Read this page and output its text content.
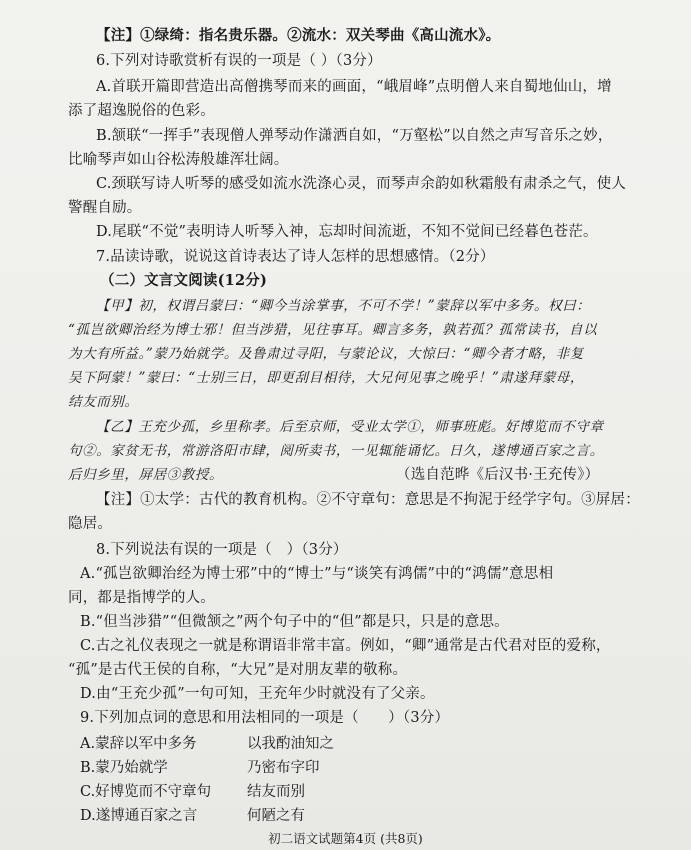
【注】①绿绮：指名贵乐器。②流水：双关琴曲《高山流水》。
6.下列对诗歌赏析有误的一项是（ ）（3分）
A.首联开篇即营造出高僧携琴而来的画面，“峨眉峰”点明僧人来自蜀地仙山，增
添了超逸脱俗的色彩。
B.颔联“一挥手”表现僧人弹琴动作潇洒自如，“万壑松”以自然之声写音乐之妙，
比喻琴声如山谷松涛般雄浑壮阔。
C.颈联写诗人听琴的感受如流水洗涤心灵，而琴声余韵如秋霜般有肃杀之气，使人
警醒自励。
D.尾联“不觉”表明诗人听琴入神，忘却时间流逝，不知不觉间已经暮色苍茫。
7.品读诗歌，说说这首诗表达了诗人怎样的思想感情。（2分）
（二）文言文阅读(12分)
【甲】初，权谓吕蒙曰：“卿今当涂掌事，不可不学！”蒙辞以军中多务。权曰：
“孤岂欲卿治经为博士邪！但当涉猎，见往事耳。卿言多务，孰若孤？孤常读书，自以
为大有所益。”蒙乃始就学。及鲁肃过寻阳，与蒙论议，大惊曰：“卿今者才略，非复
吴下阿蒙！”蒙曰：“士别三日，即更刮目相待，大兄何见事之晚乎！”肃遂拜蒙母，
结友而别。
【乙】王充少孤，乡里称孝。后至京师，受业太学①，师事班彪。好博览而不守章
句②。家贫无书，常游洛阳市肆，阅所卖书，一见辄能诵忆。日久，遂博通百家之言。
后归乡里，屏居③教授。	（选自范晔《后汉书·王充传》）
【注】①太学：古代的教育机构。②不守章句：意思是不拘泥于经学字句。③屏居：
隐居。
8.下列说法有误的一项是（　）（3分）
A.“孤岂欲卿治经为博士邪”中的“博士”与“谈笑有鸿儒”中的“鸿儒”意思相
同，都是指博学的人。
B.“但当涉猎”“但微颔之”两个句子中的“但”都是只，只是的意思。
C.古之礼仪表现之一就是称谓语非常丰富。例如，“卿”通常是古代君对臣的爱称，
“孤”是古代王侯的自称，“大兄”是对朋友辈的敬称。
D.由“王充少孤”一句可知，王充年少时就没有了父亲。
9.下列加点词的意思和用法相同的一项是（　　）（3分）
A.蒙辞以军中多务	以我酌油知之
B.蒙乃始就学	乃密布字印
C.好博览而不守章句 结友而别
D.遂博通百家之言	何陋之有
初二语文试题第4页 (共8页)
